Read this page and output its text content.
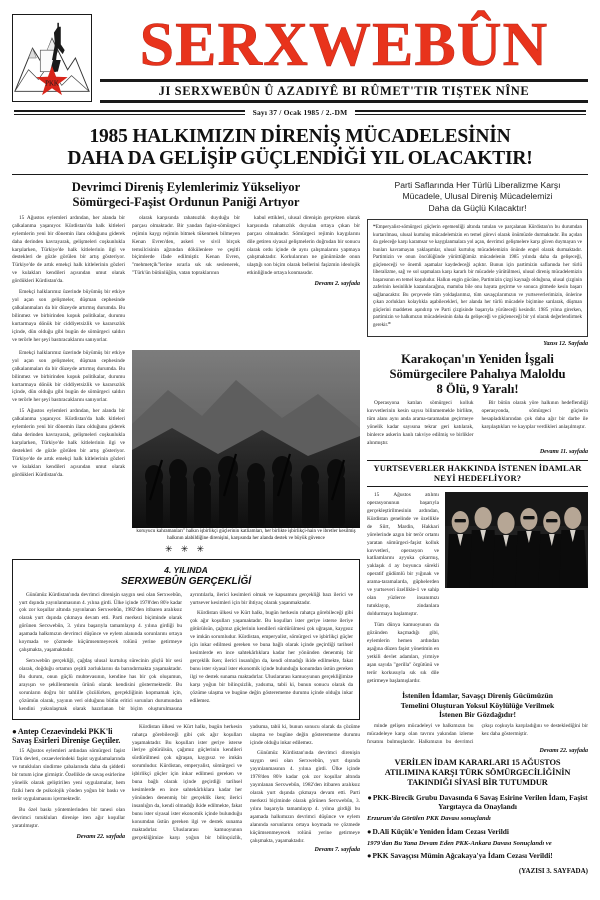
PKK
SERXWEBÛN
JI SERXWEBÛN Û AZADIYÊ BI RÛMET'TIR TIŞTEK NÎNE
Sayı 37 / Ocak 1985 / 2.-DM
1985 HALKIMIZIN DİRENİŞ MÜCADELESİNİN
DAHA DA GELİŞİP GÜÇLENDİĞİ YIL OLACAKTIR!
Devrimci Direniş Eylemlerimiz Yükseliyor
Sömürgeci-Faşist Ordunun Paniği Artıyor

15 Ağustos eylemleri ardından, her alanda bir çalkalanma yaşanıyor. Kürdistan'da halk kitleleri eylemlerin yeni bir dönemin ilanı olduğunu giderek daha derinden kavrayarak, gelişmeleri coşkunlukla karşılarken, Türkiye'de halk kitlelerinin ilgi ve destekleri de gözle görülen bir artış gösteriyor. Türkiye'de de artık emekçi halk kitlelerinin gözleri ve kulakları kendileri açısından umut olarak gördükleri Kürdistan'da.

Emekçi halklarımız üzerinde büyümüş bir etkiye yol açan son gelişmeler, düşman cephesinde çalkalanmaları da bir düzeyde artırmış durumda. Bu bilinmez ve birbirinden kopuk politikalar, durumu kurtarmaya dönük bir ciddiyetsizlik ve kararsızlık içinde, dün olduğu gibi bugün de sömürgeci saldırı ve terörle her şeyi bastıracaklarını sanıyorlar.

olarak karşısında rahatsızlık duyduğu bir parçası olmaktadır. Bir yandan faşist-sömürgeci rejimin kaygı rejimin bitmek tükenmek bilmeyen Kenan Evren'den, askeri ve sivil birçok temsilcisinin ağzından dökülenlere ve çeşitli biçimlerde ifade edilmiştir. Kenan Evren, "mehmetçik"lerine ısrarla sık sık seslenerek, "Türk'ün bütünlüğün, vatan topraklarının

kabul ettikleri, ulusal direnişin gerçekten olarak karşısında rahatsızlık duyulan ortaya çıkan bir parçası olmaktadır. Sömürgeci rejimin kaygılarını dile getiren siyasal gelişmelerin doğrudan bir sonucu olarak ordu içinde de aynı çalışmalarını yapmaya çalışmaktadır. Korkularının ne günümüzde onun ulaştığı son biçim olarak bellerini faşizmin ideolojik etkinliğinde ortaya konmasıdır.

Devamı 2. sayfada

Emekçi halklarımız üzerinde büyümüş bir etkiye yol açan son gelişmeler, düşman cephesinde çalkalanmaları da bir düzeyde artırmış durumda. Bu bilinmez ve birbirinden kopuk politikalar, durumu kurtarmaya dönük bir ciddiyetsizlik ve kararsızlık içinde, dün olduğu gibi bugün de sömürgeci saldırı ve terörle her şeyi bastıracaklarını sanıyorlar.

15 Ağustos eylemleri ardından, her alanda bir çalkalanma yaşanıyor. Kürdistan'da halk kitleleri eylemlerin yeni bir dönemin ilanı olduğunu giderek daha derinden kavrayarak, gelişmeleri coşkunlukla karşılarken, Türkiye'de halk kitlelerinin ilgi ve destekleri de gözle görülen bir artış gösteriyor. Türkiye'de de artık emekçi halk kitlelerinin gözleri ve kulakları kendileri açısından umut olarak gördükleri Kürdistan'da.

koruyucu kahramanları" halkın işbirlikçi güçlerinin katliamları, her birlikte işbirlikçi-hain ve ibretler kesilmiş halkının alabildiğine direnişini, karşısında her alanda destek ve büyük güvence
✳ ✳ ✳
4. YILINDA
SERXWEBÛN GERÇEKLİĞİ

Günümüz Kürdistan'ında devrimci direnişin saygın sesi olan Serxwebûn, yurt dışında yayınlanmasının 4. yılına girdi. Ülke içinde 1978'den 80'e kadar çok zor koşullar altında yayınlanan Serxwebûn, 1982'den itibaren aralıksız olarak yurt dışında çıkmaya devam etti. Parti merkezi biçiminde olarak görünen Serxwebûn, 3. yılını başarıyla tamamlayıp 4. yılına girdiği bu aşamada halkımızın devrimci düşünce ve eylem alanında sorunlarını ortaya koymada ve çözmede küçümsenmeyecek rolünü yerine getirmeye çalışmakta, yaşamaktadır.

Serxwebûn gerçekliği, çağdaş ulusal kurtuluş sürecinin güçlü bir sesi olarak, doğduğu ortamın çeşitli zorluklarını da barındırmakta yaşamaktadır. Bu durum, onun güçlü muhtevasının, kendine has bir çok oluşumun, arayışın ve şekillenmenin ürünü olarak kendisini göstermektedir. Bu sorunların doğru bir tahlille çözülürken, gerçekliğinin kopmamak için, çözümün olarak, yayının veri olduğunu bütün eritici sorunları durumundan kendini yakınlaşmak olarak hazırlanan bir biçim oluşturulmasına ayrıntılarla, ilerici kesimleri olmak ve kapsamını gerçekliği bazı ilerici ve yurtsever kesimleri için bir ihtiyaç olarak yaşanmaktadır.

Kürdistan ülkesi ve Kürt halkı, bugün herkesin rahatça görebileceği gibi çok ağır koşulları yaşamaktadır. Bu koşulları ister geriye isterse ileriye götürülsün, çağımız güçlerinin kendileri sürdürülmesi çok uğraşan, kaygısız ve imkân sorumludur. Kürdistan, emperyalist, sömürgeci ve işbirlikçi güçler için inkar edilmesi gereken ve buna bağlı olarak içinde geçirdiği tarihsel kesimlerde en ince sahtekârlıklara kadar her yönünden denenmiş bir gerçeklik iken; ilerici insanlığın da, kendi olmadığı ikide edilmekte, fakat bunu ister siyasal ister ekonomik içinde bulunduğu konumdan üstün gereken ilgi ve destek sunama maktadırlar. Uluslararası kamuoyunun gerçekliğimize karşı yoğun bir bilinçsizlik, yadsıma, tabii ki, bunun sonucu olarak da çözüme ulaşma ve bugüne değin gösterememe durumu içinde olduğu inkar edilemez.

●Antep Cezaevindeki PKK'li Savaş Esirleri Direnişe Geçtiler.

15 Ağustos eylemleri ardından sömürgeci faşist Türk devleti, cezaevlerindeki faşist uygulamalarında ve tutukluları sindirme çabalarında daha da şiddetli bir tutum içine girmiştir. Özellikle de savaş esirlerine yönelik olarak geliştirilen yeni uygulamalar, hem fiziki hem de psikolojik yönden yoğun bir baskı ve terör uygulamasını içermektedir.

Bu özel baskı yöntemlerinden bir tanesi olan devrimci tutukluları direnişe iten ağır koşullar yaratılmıştır.

Devamı 22. sayfada

Kürdistan ülkesi ve Kürt halkı, bugün herkesin rahatça görebileceği gibi çok ağır koşulları yaşamaktadır. Bu koşulları ister geriye isterse ileriye götürülsün, çağımız güçlerinin kendileri sürdürülmesi çok uğraşan, kaygısız ve imkân sorumludur. Kürdistan, emperyalist, sömürgeci ve işbirlikçi güçler için inkar edilmesi gereken ve buna bağlı olarak içinde geçirdiği tarihsel kesimlerde en ince sahtekârlıklara kadar her yönünden denenmiş bir gerçeklik iken; ilerici insanlığın da, kendi olmadığı ikide edilmekte, fakat bunu ister siyasal ister ekonomik içinde bulunduğu konumdan üstün gereken ilgi ve destek sunama maktadırlar. Uluslararası kamuoyunun gerçekliğimize karşı yoğun bir bilinçsizlik, yadsıma, tabii ki, bunun sonucu olarak da çözüme ulaşma ve bugüne değin gösterememe durumu içinde olduğu inkar edilemez.

Günümüz Kürdistan'ında devrimci direnişin saygın sesi olan Serxwebûn, yurt dışında yayınlanmasının 4. yılına girdi. Ülke içinde 1978'den 80'e kadar çok zor koşullar altında yayınlanan Serxwebûn, 1982'den itibaren aralıksız olarak yurt dışında çıkmaya devam etti. Parti merkezi biçiminde olarak görünen Serxwebûn, 3. yılını başarıyla tamamlayıp 4. yılına girdiği bu aşamada halkımızın devrimci düşünce ve eylem alanında sorunlarını ortaya koymada ve çözmede küçümsenmeyecek rolünü yerine getirmeye çalışmakta, yaşamaktadır.

Devamı 7. sayfada
Parti Saflarında Her Türlü Liberalizme Karşı
Mücadele, Ulusal Direniş Mücadelemizi
Daha da Güçlü Kılacaktır!

❝Emperyalist-sömürgeci güçlerin egemenliği altında tutulan ve parçalanan Kürdistan'ın bu durumdan kurtarılması, ulusal kurtuluş mücadelemizin en temel görevi olarak önümüzde durmaktadır. Bu açıdan da geleceğe karşı karamsar ve kaygılanmalara yol açan, devrimci gelişmelere karşı güven duymayan ve bunları kavramayan yaklaşımlar, ulusal kurtuluş mücadelemizin önünde engel olarak durmaktadır. Partimizin ve onun öncülüğünde yürüttüğümüz mücadelenin 1985 yılında daha da gelişeceği, güçleneceği ve önemli aşamalar kaydedeceği açıktır. Bunun için partimizin saflarında her türlü liberalizme, sağ ve sol sapmalara karşı kararlı bir mücadele yürütülmesi, ulusal direniş mücadelemizin başarısının en temel koşuludur. Halkın engin gücüne, Partimizin çizgi kaynağı olduğuna, ulusal çizginin zaferinin kesinlikle kazanılacağına, mamıba bile onu hayata geçirme ve sonuca gitmede kesin başarı sağlanacaktır. Bu çerçevede tüm yoldaşlarımız, tüm savaşçılarımızın ve yurtseverlerimizin, önlerine çıkan zorlukları kolaylıkla aşabilecekleri, her alanda her türlü mücadele biçimine sarılarak, düşman güçlerini maddeten aşındırıp ve Parti çizgisinde başarıyla yürüteceği kesindir. 1985 yılına girerken, partimizin ve halkımızın mücadelesinin daha da gelişeceği ve güçleneceği bir yıl olarak değerlendirmek gerekir.❞

Yazısı 12. Sayfada
Karakoçan'ın Yeniden İşgali
Sömürgecilere Pahalıya Maloldu
8 Ölü, 9 Yaralı!

Operasyona katılan sömürgeci kolluk kuvvetlerinin kesin sayısı bilinmemekle birlikte, tüm alanı aynı anda arama-taramadan geçirmeye yönelik kadar sayısına tekrar geri katılarak, binlerce askerin kanlı takviye edilmiş ve birlikler alınmıştır.

Bir bütün olarak yöre halkının hedeflendiği operasyonda, sömürgeci güçlerin hesapladıklarından çok daha ağır bir darbe ile karşılaştıkları ve kayıplar verdikleri anlaşılmıştır.

Devamı 11. sayfada
YURTSEVERLER HAKKINDA İSTENEN İDAMLAR NEYİ HEDEFLİYOR?

15 Ağustos atılımı operasyonunun başarıyla gerçekleştirilmesinin ardından, Kürdistan genelinde ve özellikle de Siirt, Mardin, Hakkari yörelerinde azgın bir terör ortamı yaratan sömürgeci-faşist kolluk kuvvetleri, operasyon ve katliamlarını ayyuka çıkarmış, yaklaşık 4 ay boyunca sürekli operatif güdümlü bir yığınak ve arama-taramalarda, güphelerden ve yurtseveri özellikle-1 ve sahip olan yüzlerce insanımızı tutuklayıp, zindanlara doldurmaya başlamıştır.

Tüm dünya kamuoyunun da gözünden kaçmadığı gibi, eylemlerin hemen ardından aşağına düzen faşist yönetimin en yetkili devlet adamları, yirmiye aşan sayıda "gerilla" örgütünü ve terör korkusuyla sık sık dile getirmeye başlamışlardır.

İstenilen İdamlar, Savaşçı Direniş Gücümüzün
Temelini Oluşturan Yoksul Köylülüğe Verilmek
İstenen Bir Gözdağıdır!

minde gelişen mücadeleyi ve halkımızın bu mücadeleye karşı olan tavrını yakından izleme fırsatını bulmuşlardır. Halkımızın bu devrimci çıkışı coşkuyla karşıladığını ve desteklediğini bir kez daha göstermiştir.

Devamı 22. sayfada
VERİLEN İDAM KARARLARI 15 AĞUSTOS
ATILIMINA KARŞI TÜRK SÖMÜRGECİLİĞİNİN
TAKINDIĞI SİYASİ BİR TUTUMDUR
●PKK-Birecik Grubu Davasında 6 Savaş Esirine Verilen İdam, Faşist Yargıtayca da Onaylandı
Erzurum'da Görülen PKK Davası sonuçlandı
●D.Ali Küçük'e Yeniden İdam Cezası Verildi
1979'dan Bu Yana Devam Eden PKK-Ankara Davası Sonuçlandı ve
●PKK Savaşçısı Mümin Ağcakaya'ya İdam Cezası Verildi!
(YAZISI 3. SAYFADA)
